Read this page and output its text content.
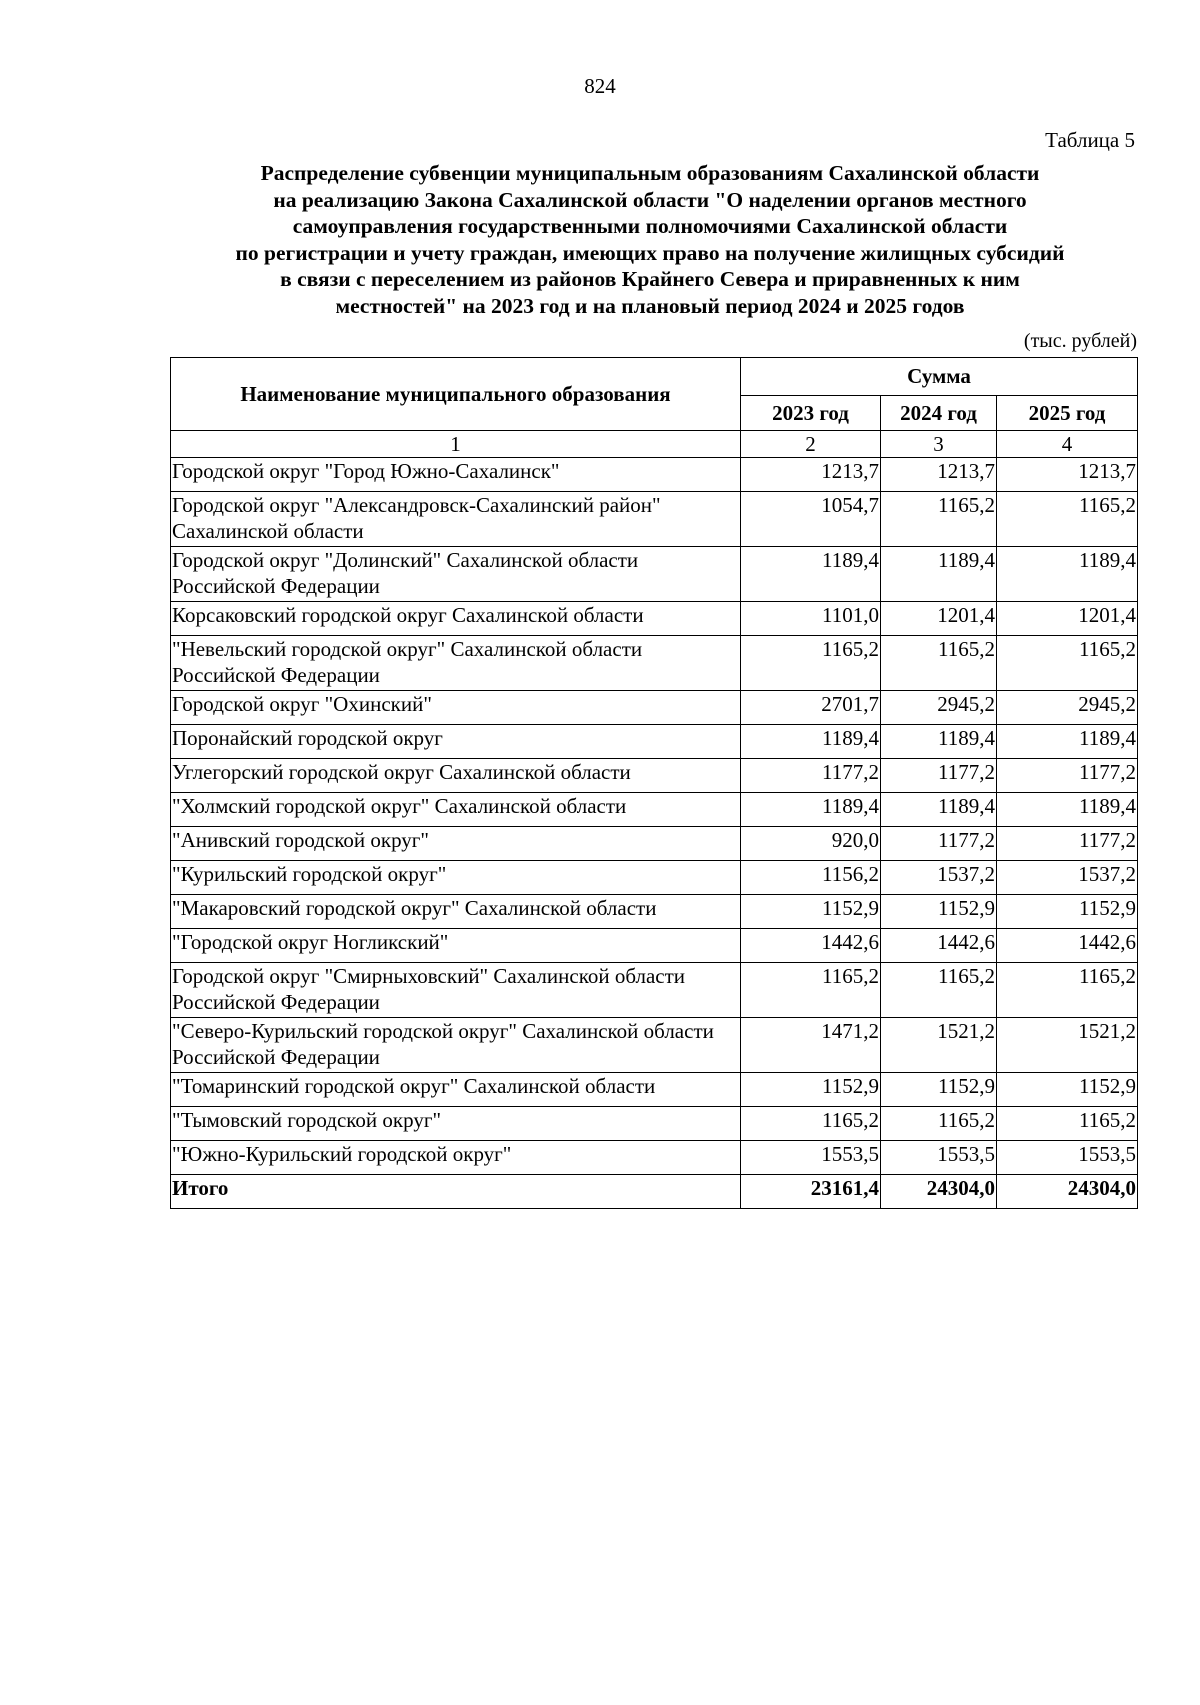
824
Таблица 5
Распределение субвенции муниципальным образованиям Сахалинской области
на реализацию Закона Сахалинской области "О наделении органов местного
самоуправления государственными полномочиями Сахалинской области
по регистрации и учету граждан, имеющих право на получение жилищных субсидий
в связи с переселением из районов Крайнего Севера и приравненных к ним
местностей" на 2023 год и на плановый период 2024 и 2025 годов
(тыс. рублей)
Наименование муниципального образования	Сумма		
	2023 год	2024 год	2025 год
1	2	3	4
Городской округ "Город Южно-Сахалинск"	1213,7	1213,7	1213,7
Городской округ "Александровск-Сахалинский район" Сахалинской области	1054,7	1165,2	1165,2
Городской округ "Долинский" Сахалинской области Российской Федерации	1189,4	1189,4	1189,4
Корсаковский городской округ Сахалинской области	1101,0	1201,4	1201,4
"Невельский городской округ" Сахалинской области Российской Федерации	1165,2	1165,2	1165,2
Городской округ "Охинский"	2701,7	2945,2	2945,2
Поронайский городской округ	1189,4	1189,4	1189,4
Углегорский городской округ Сахалинской области	1177,2	1177,2	1177,2
"Холмский городской округ" Сахалинской области	1189,4	1189,4	1189,4
"Анивский городской округ"	920,0	1177,2	1177,2
"Курильский городской округ"	1156,2	1537,2	1537,2
"Макаровский городской округ" Сахалинской области	1152,9	1152,9	1152,9
"Городской округ Ногликский"	1442,6	1442,6	1442,6
Городской округ "Смирныховский" Сахалинской области Российской Федерации	1165,2	1165,2	1165,2
"Северо-Курильский городской округ" Сахалинской области Российской Федерации	1471,2	1521,2	1521,2
"Томаринский городской округ" Сахалинской области	1152,9	1152,9	1152,9
"Тымовский городской округ"	1165,2	1165,2	1165,2
"Южно-Курильский городской округ"	1553,5	1553,5	1553,5
Итого	23161,4	24304,0	24304,0
